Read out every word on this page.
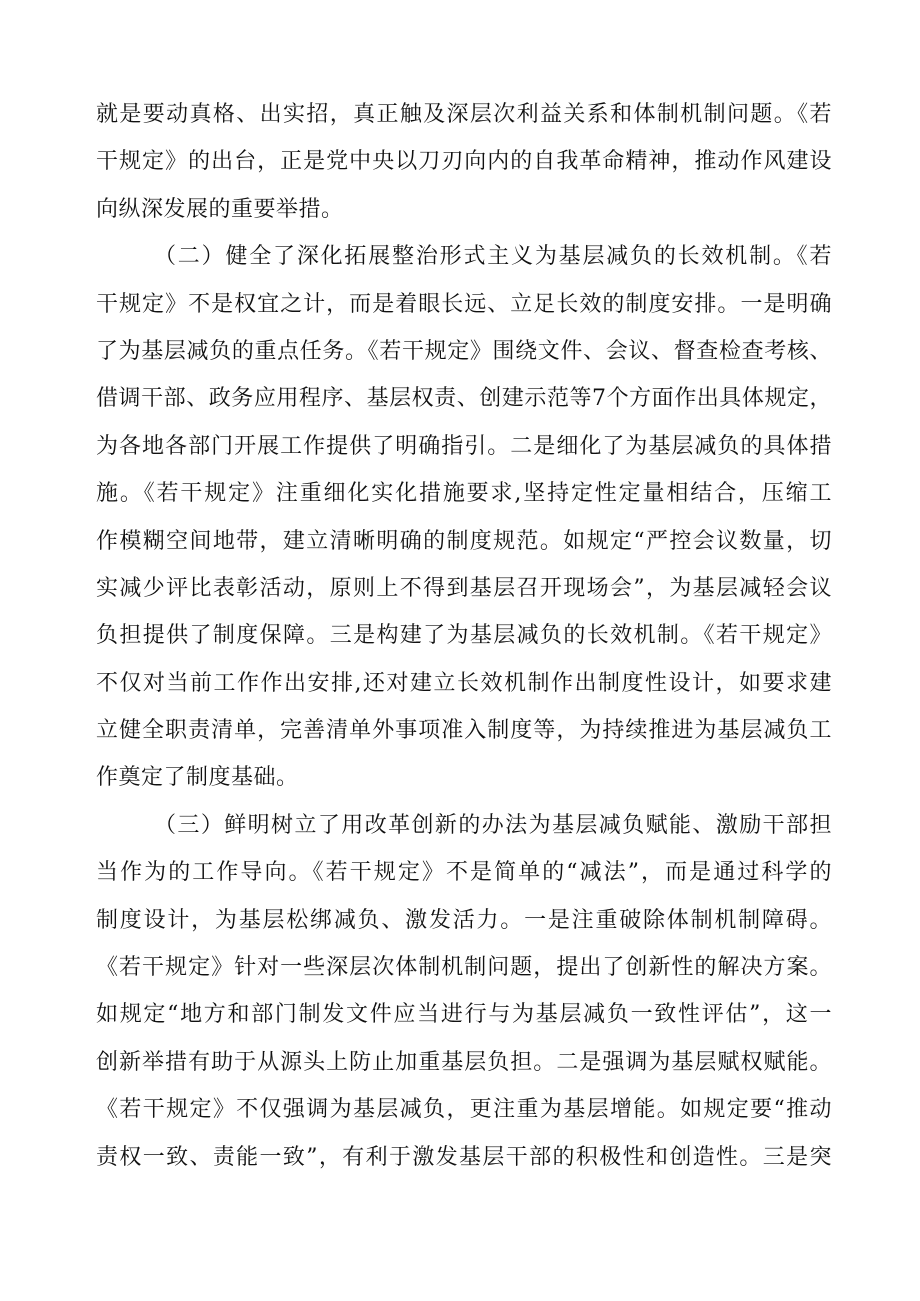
就是要动真格、出实招，真正触及深层次利益关系和体制机制问题。《若
干规定》的出台，正是党中央以刀刃向内的自我革命精神，推动作风建设
向纵深发展的重要举措。
（二）健全了深化拓展整治形式主义为基层减负的长效机制。《若
干规定》不是权宜之计，而是着眼长远、立足长效的制度安排。一是明确
了为基层减负的重点任务。《若干规定》围绕文件、会议、督查检查考核、
借调干部、政务应用程序、基层权责、创建示范等7个方面作出具体规定，
为各地各部门开展工作提供了明确指引。二是细化了为基层减负的具体措
施。《若干规定》注重细化实化措施要求,坚持定性定量相结合，压缩工
作模糊空间地带，建立清晰明确的制度规范。如规定“严控会议数量，切
实减少评比表彰活动，原则上不得到基层召开现场会”，为基层减轻会议
负担提供了制度保障。三是构建了为基层减负的长效机制。《若干规定》
不仅对当前工作作出安排,还对建立长效机制作出制度性设计，如要求建
立健全职责清单，完善清单外事项准入制度等，为持续推进为基层减负工
作奠定了制度基础。
（三）鲜明树立了用改革创新的办法为基层减负赋能、激励干部担
当作为的工作导向。《若干规定》不是简单的“减法”，而是通过科学的
制度设计，为基层松绑减负、激发活力。一是注重破除体制机制障碍。
《若干规定》针对一些深层次体制机制问题，提出了创新性的解决方案。
如规定“地方和部门制发文件应当进行与为基层减负一致性评估”，这一
创新举措有助于从源头上防止加重基层负担。二是强调为基层赋权赋能。
《若干规定》不仅强调为基层减负，更注重为基层增能。如规定要“推动
责权一致、责能一致”，有利于激发基层干部的积极性和创造性。三是突
